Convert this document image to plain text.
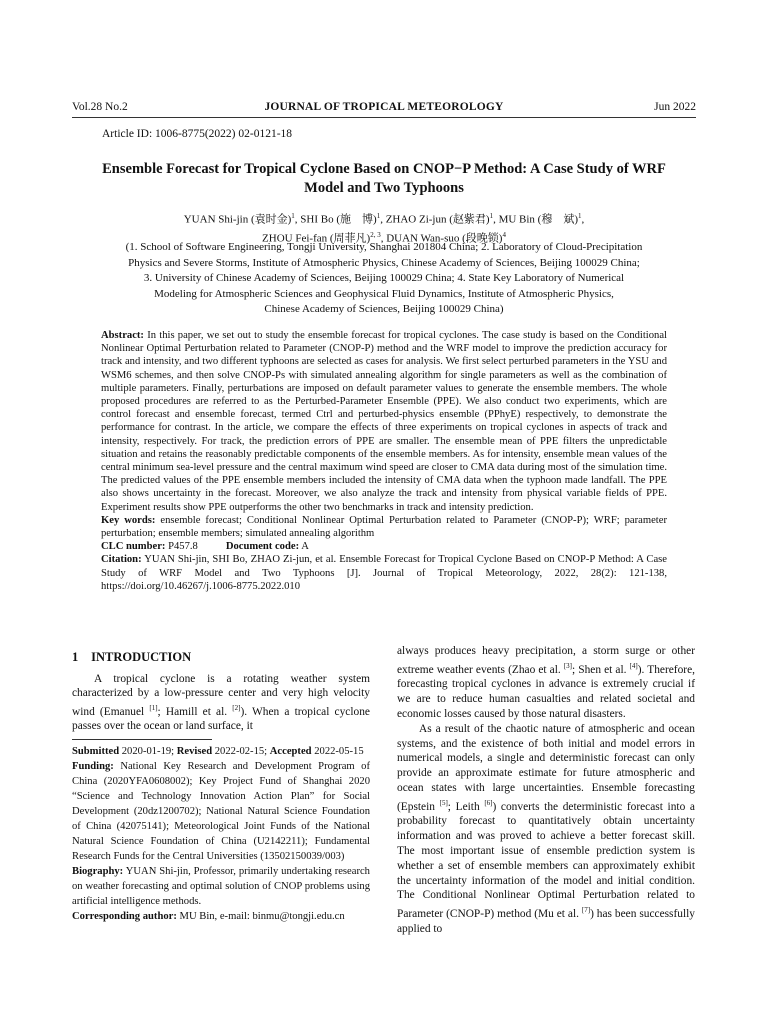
Vol.28 No.2	JOURNAL OF TROPICAL METEOROLOGY	Jun 2022
Article ID: 1006-8775(2022) 02-0121-18
Ensemble Forecast for Tropical Cyclone Based on CNOP−P Method: A Case Study of WRF Model and Two Typhoons
YUAN Shi-jin (袁时金)$^1$, SHI Bo (施　博)$^1$, ZHAO Zi-jun (赵紫君)$^1$, MU Bin (穆　斌)$^1$,
ZHOU Fei-fan (周菲凡)$^{2, 3}$, DUAN Wan-suo (段晚锁)$^4$
(1. School of Software Engineering, Tongji University, Shanghai 201804 China; 2. Laboratory of Cloud-Precipitation
Physics and Severe Storms, Institute of Atmospheric Physics, Chinese Academy of Sciences, Beijing 100029 China;
3. University of Chinese Academy of Sciences, Beijing 100029 China; 4. State Key Laboratory of Numerical
Modeling for Atmospheric Sciences and Geophysical Fluid Dynamics, Institute of Atmospheric Physics,
Chinese Academy of Sciences, Beijing 100029 China)

Abstract: In this paper, we set out to study the ensemble forecast for tropical cyclones. The case study is based on the Conditional Nonlinear Optimal Perturbation related to Parameter (CNOP-P) method and the WRF model to improve the prediction accuracy for track and intensity, and two different typhoons are selected as cases for analysis. We first select perturbed parameters in the YSU and WSM6 schemes, and then solve CNOP-Ps with simulated annealing algorithm for single parameters as well as the combination of multiple parameters. Finally, perturbations are imposed on default parameter values to generate the ensemble members. The whole proposed procedures are referred to as the Perturbed-Parameter Ensemble (PPE). We also conduct two experiments, which are control forecast and ensemble forecast, termed Ctrl and perturbed-physics ensemble (PPhyE) respectively, to demonstrate the performance for contrast. In the article, we compare the effects of three experiments on tropical cyclones in aspects of track and intensity, respectively. For track, the prediction errors of PPE are smaller. The ensemble mean of PPE filters the unpredictable situation and retains the reasonably predictable components of the ensemble members. As for intensity, ensemble mean values of the central minimum sea-level pressure and the central maximum wind speed are closer to CMA data during most of the simulation time. The predicted values of the PPE ensemble members included the intensity of CMA data when the typhoon made landfall. The PPE also shows uncertainty in the forecast. Moreover, we also analyze the track and intensity from physical variable fields of PPE. Experiment results show PPE outperforms the other two benchmarks in track and intensity prediction.

Key words: ensemble forecast; Conditional Nonlinear Optimal Perturbation related to Parameter (CNOP-P); WRF; parameter perturbation; ensemble members; simulated annealing algorithm

CLC number: P457.8	Document code: A

Citation: YUAN Shi-jin, SHI Bo, ZHAO Zi-jun, et al. Ensemble Forecast for Tropical Cyclone Based on CNOP-P Method: A Case Study of WRF Model and Two Typhoons [J]. Journal of Tropical Meteorology, 2022, 28(2): 121-138, https://doi.org/10.46267/j.1006-8775.2022.010

1 INTRODUCTION

A tropical cyclone is a rotating weather system characterized by a low-pressure center and very high velocity wind (Emanuel [1]; Hamill et al. [2]). When a tropical cyclone passes over the ocean or land surface, it

Submitted 2020-01-19; Revised 2022-02-15; Accepted 2022-05-15

Funding: National Key Research and Development Program of China (2020YFA0608002); Key Project Fund of Shanghai 2020 “Science and Technology Innovation Action Plan” for Social Development (20dz1200702); National Natural Science Foundation of China (42075141); Meteorological Joint Funds of the National Natural Science Foundation of China (U2142211); Fundamental Research Funds for the Central Universities (13502150039/003)

Biography: YUAN Shi-jin, Professor, primarily undertaking research on weather forecasting and optimal solution of CNOP problems using artificial intelligence methods.

Corresponding author: MU Bin, e-mail: binmu@tongji.edu.cn

always produces heavy precipitation, a storm surge or other extreme weather events (Zhao et al. [3]; Shen et al. [4]). Therefore, forecasting tropical cyclones in advance is extremely crucial if we are to reduce human casualties and related societal and economic losses caused by those natural disasters.

As a result of the chaotic nature of atmospheric and ocean systems, and the existence of both initial and model errors in numerical models, a single and deterministic forecast can only provide an approximate estimate for future atmospheric and ocean states with large uncertainties. Ensemble forecasting (Epstein [5]; Leith [6]) converts the deterministic forecast into a probability forecast to quantitatively obtain uncertainty information and was proved to achieve a better forecast skill. The most important issue of ensemble prediction system is whether a set of ensemble members can approximately exhibit the uncertainty information of the model and initial condition. The Conditional Nonlinear Optimal Perturbation related to Parameter (CNOP-P) method (Mu et al. [7]) has been successfully applied to
